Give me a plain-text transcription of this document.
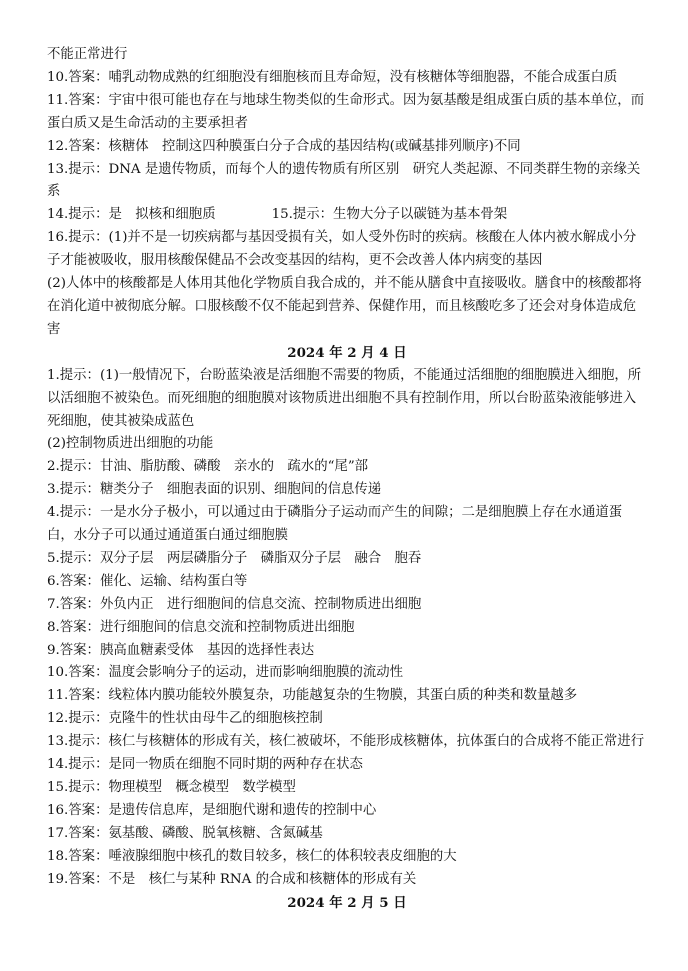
不能正常进行
10.答案：哺乳动物成熟的红细胞没有细胞核而且寿命短，没有核糖体等细胞器，不能合成蛋白质
11.答案：宇宙中很可能也存在与地球生物类似的生命形式。因为氨基酸是组成蛋白质的基本单位，而蛋白质又是生命活动的主要承担者
12.答案：核糖体　控制这四种膜蛋白分子合成的基因结构(或碱基排列顺序)不同
13.提示：DNA 是遗传物质，而每个人的遗传物质有所区别　研究人类起源、不同类群生物的亲缘关系
14.提示：是　拟核和细胞质	15.提示：生物大分子以碳链为基本骨架
16.提示：(1)并不是一切疾病都与基因受损有关，如人受外伤时的疾病。核酸在人体内被水解成小分子才能被吸收，服用核酸保健品不会改变基因的结构，更不会改善人体内病变的基因
(2)人体中的核酸都是人体用其他化学物质自我合成的，并不能从膳食中直接吸收。膳食中的核酸都将在消化道中被彻底分解。口服核酸不仅不能起到营养、保健作用，而且核酸吃多了还会对身体造成危害
2024 年 2 月 4 日
1.提示：(1)一般情况下，台盼蓝染液是活细胞不需要的物质，不能通过活细胞的细胞膜进入细胞，所以活细胞不被染色。而死细胞的细胞膜对该物质进出细胞不具有控制作用，所以台盼蓝染液能够进入死细胞，使其被染成蓝色
(2)控制物质进出细胞的功能
2.提示：甘油、脂肪酸、磷酸　亲水的　疏水的“尾”部
3.提示：糖类分子　细胞表面的识别、细胞间的信息传递
4.提示：一是水分子极小，可以通过由于磷脂分子运动而产生的间隙；二是细胞膜上存在水通道蛋白，水分子可以通过通道蛋白通过细胞膜
5.提示：双分子层　两层磷脂分子　磷脂双分子层　融合　胞吞
6.答案：催化、运输、结构蛋白等
7.答案：外负内正　进行细胞间的信息交流、控制物质进出细胞
8.答案：进行细胞间的信息交流和控制物质进出细胞
9.答案：胰高血糖素受体　基因的选择性表达
10.答案：温度会影响分子的运动，进而影响细胞膜的流动性
11.答案：线粒体内膜功能较外膜复杂，功能越复杂的生物膜，其蛋白质的种类和数量越多
12.提示：克隆牛的性状由母牛乙的细胞核控制
13.提示：核仁与核糖体的形成有关，核仁被破坏，不能形成核糖体，抗体蛋白的合成将不能正常进行
14.提示：是同一物质在细胞不同时期的两种存在状态
15.提示：物理模型　概念模型　数学模型
16.答案：是遗传信息库，是细胞代谢和遗传的控制中心
17.答案：氨基酸、磷酸、脱氧核糖、含氮碱基
18.答案：唾液腺细胞中核孔的数目较多，核仁的体积较表皮细胞的大
19.答案：不是　核仁与某种 RNA 的合成和核糖体的形成有关
2024 年 2 月 5 日
